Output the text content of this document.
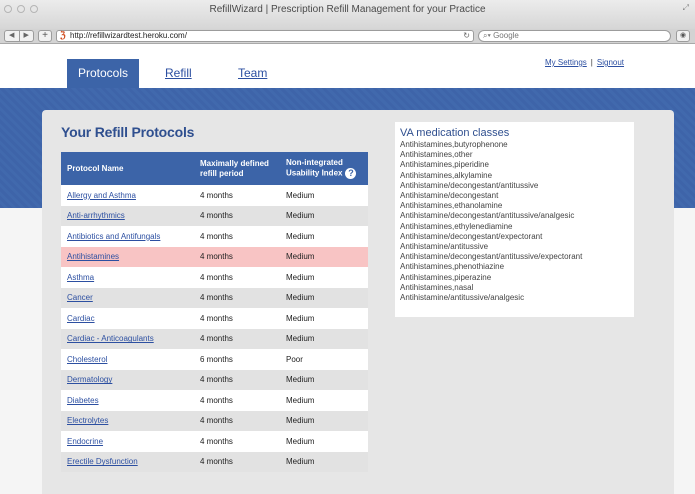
RefillWizard | Prescription Refill Management for your Practice	⤢
◀	▶	+	ℨ http://refillwizardtest.heroku.com/	↻ ⌕▾ Google	◉
Protocols	Refill	Team
My Settings | Signout
Your Refill Protocols
Protocol Name	Maximally defined refill period	Non-integrated Usability Index ?
Allergy and Asthma	4 months	Medium
Anti-arrhythmics	4 months	Medium
Antibiotics and Antifungals	4 months	Medium
Antihistamines	4 months	Medium
Asthma	4 months	Medium
Cancer	4 months	Medium
Cardiac	4 months	Medium
Cardiac - Anticoagulants	4 months	Medium
Cholesterol	6 months	Poor
Dermatology	4 months	Medium
Diabetes	4 months	Medium
Electrolytes	4 months	Medium
Endocrine	4 months	Medium
Erectile Dysfunction	4 months	Medium
VA medication classes
Antihistamines,butyrophenone
Antihistamines,other
Antihistamines,piperidine
Antihistamines,alkylamine
Antihistamine/decongestant/antitussive
Antihistamine/decongestant
Antihistamines,ethanolamine
Antihistamine/decongestant/antitussive/analgesic
Antihistamines,ethylenediamine
Antihistamine/decongestant/expectorant
Antihistamine/antitussive
Antihistamine/decongestant/antitussive/expectorant
Antihistamines,phenothiazine
Antihistamines,piperazine
Antihistamines,nasal
Antihistamine/antitussive/analgesic
